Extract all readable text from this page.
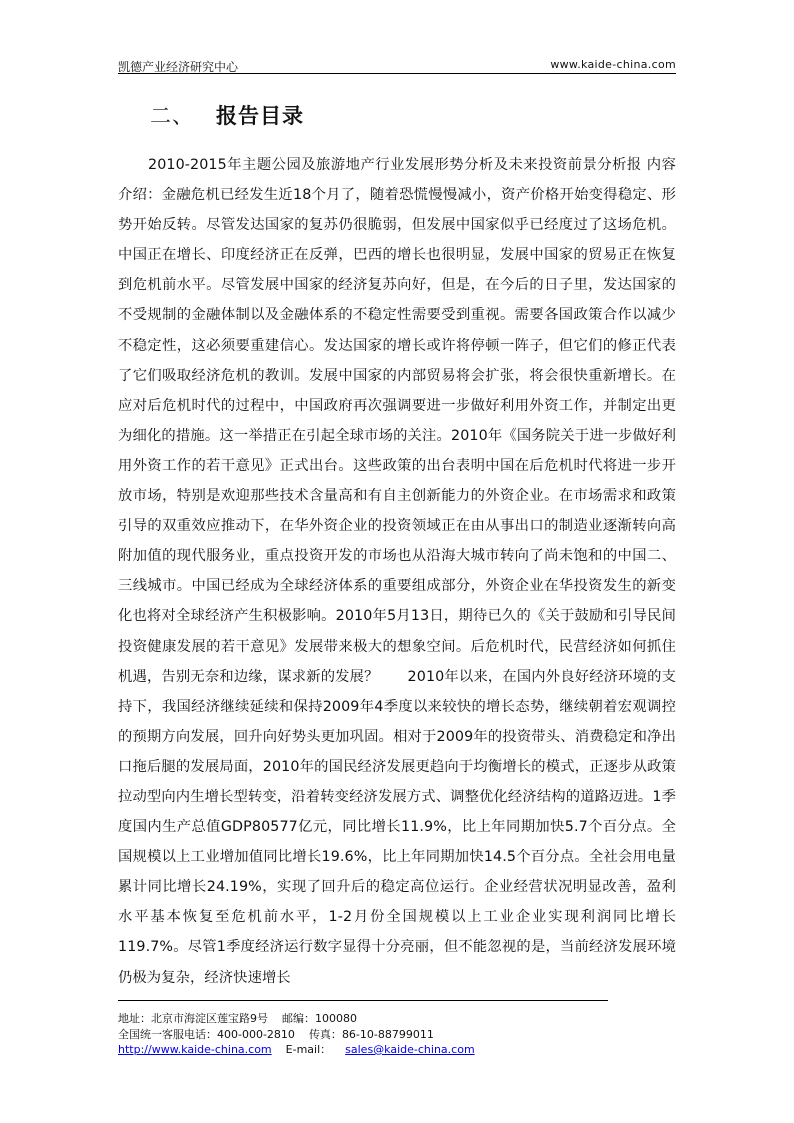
凯德产业经济研究中心	www.kaide-china.com
二、 报告目录

2010-2015年主题公园及旅游地产行业发展形势分析及未来投资前景分析报 内容介绍：金融危机已经发生近18个月了，随着恐慌慢慢减小，资产价格开始变得稳定、形势开始反转。尽管发达国家的复苏仍很脆弱，但发展中国家似乎已经度过了这场危机。中国正在增长、印度经济正在反弹，巴西的增长也很明显，发展中国家的贸易正在恢复到危机前水平。尽管发展中国家的经济复苏向好，但是，在今后的日子里，发达国家的不受规制的金融体制以及金融体系的不稳定性需要受到重视。需要各国政策合作以减少不稳定性，这必须要重建信心。发达国家的增长或许将停顿一阵子，但它们的修正代表了它们吸取经济危机的教训。发展中国家的内部贸易将会扩张，将会很快重新增长。在应对后危机时代的过程中，中国政府再次强调要进一步做好利用外资工作，并制定出更为细化的措施。这一举措正在引起全球市场的关注。2010年《国务院关于进一步做好利用外资工作的若干意见》正式出台。这些政策的出台表明中国在后危机时代将进一步开放市场，特别是欢迎那些技术含量高和有自主创新能力的外资企业。在市场需求和政策引导的双重效应推动下，在华外资企业的投资领域正在由从事出口的制造业逐渐转向高附加值的现代服务业，重点投资开发的市场也从沿海大城市转向了尚未饱和的中国二、三线城市。中国已经成为全球经济体系的重要组成部分，外资企业在华投资发生的新变化也将对全球经济产生积极影响。2010年5月13日，期待已久的《关于鼓励和引导民间投资健康发展的若干意见》发展带来极大的想象空间。后危机时代，民营经济如何抓住机遇，告别无奈和边缘，谋求新的发展？　　2010年以来，在国内外良好经济环境的支持下，我国经济继续延续和保持2009年4季度以来较快的增长态势，继续朝着宏观调控的预期方向发展，回升向好势头更加巩固。相对于2009年的投资带头、消费稳定和净出口拖后腿的发展局面，2010年的国民经济发展更趋向于均衡增长的模式，正逐步从政策拉动型向内生增长型转变，沿着转变经济发展方式、调整优化经济结构的道路迈进。1季度国内生产总值GDP80577亿元，同比增长11.9%，比上年同期加快5.7个百分点。全国规模以上工业增加值同比增长19.6%，比上年同期加快14.5个百分点。全社会用电量累计同比增长24.19%，实现了回升后的稳定高位运行。企业经营状况明显改善，盈利水平基本恢复至危机前水平，1-2月份全国规模以上工业企业实现利润同比增长119.7%。尽管1季度经济运行数字显得十分亮丽，但不能忽视的是，当前经济发展环境仍极为复杂，经济快速增长

地址：北京市海淀区莲宝路9号 邮编：100080
全国统一客服电话：400-000-2810 传真：86-10-88799011
http://www.kaide-china.com E-mail： sales@kaide-china.com
